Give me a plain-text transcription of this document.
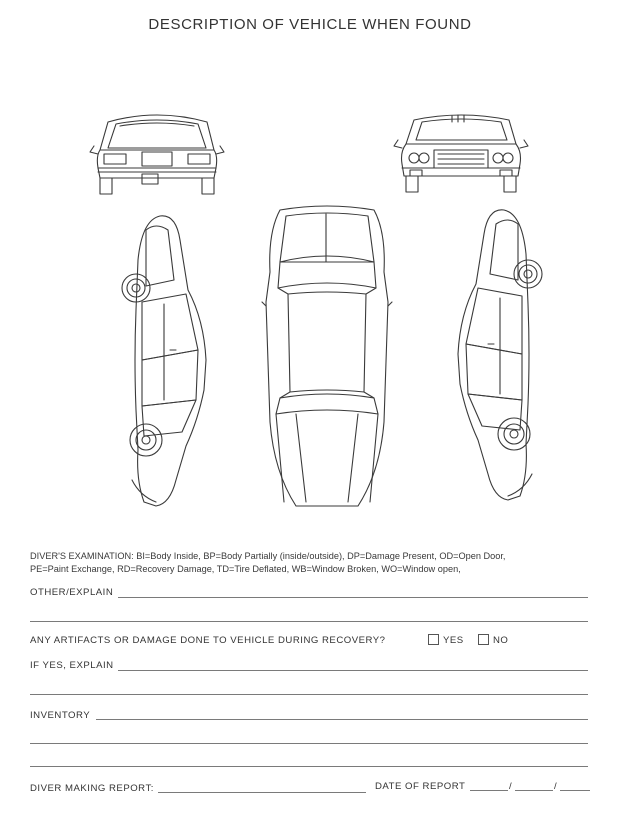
DESCRIPTION OF VEHICLE WHEN FOUND
DIVER'S EXAMINATION: BI=Body Inside, BP=Body Partially (inside/outside), DP=Damage Present, OD=Open Door,
PE=Paint Exchange, RD=Recovery Damage, TD=Tire Deflated, WB=Window Broken, WO=Window open,
OTHER/EXPLAIN
ANY ARTIFACTS OR DAMAGE DONE TO VEHICLE DURING RECOVERY?	YES	NO
IF YES, EXPLAIN
INVENTORY
DIVER MAKING REPORT:	DATE OF REPORT	/	/
